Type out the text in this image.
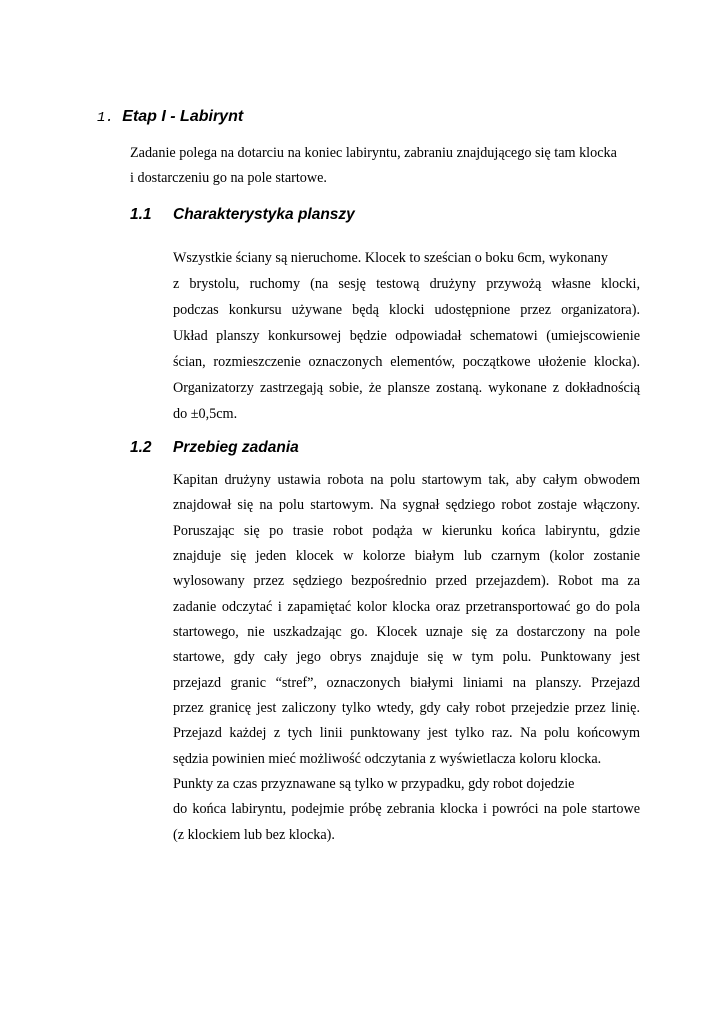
1. Etap I - Labirynt

Zadanie polega na dotarciu na koniec labiryntu, zabraniu znajdującego się tam klocka
i dostarczeniu go na pole startowe.

1.1 Charakterystyka planszy

Wszystkie ściany są nieruchome. Klocek to sześcian o boku 6cm, wykonany
z brystolu, ruchomy (na sesję testową drużyny przywożą własne klocki,
podczas konkursu używane będą klocki udostępnione przez organizatora).
Układ planszy konkursowej będzie odpowiadał schematowi (umiejscowienie
ścian, rozmieszczenie oznaczonych elementów, początkowe ułożenie klocka).
Organizatorzy zastrzegają sobie, że plansze zostaną. wykonane z dokładnością
do ±0,5cm.

1.2 Przebieg zadania

Kapitan drużyny ustawia robota na polu startowym tak, aby całym obwodem
znajdował się na polu startowym. Na sygnał sędziego robot zostaje włączony.
Poruszając się po trasie robot podąża w kierunku końca labiryntu, gdzie
znajduje się jeden klocek w kolorze białym lub czarnym (kolor zostanie
wylosowany przez sędziego bezpośrednio przed przejazdem). Robot ma za
zadanie odczytać i zapamiętać kolor klocka oraz przetransportować go do pola
startowego, nie uszkadzając go. Klocek uznaje się za dostarczony na pole
startowe, gdy cały jego obrys znajduje się w tym polu. Punktowany jest
przejazd granic “stref”, oznaczonych białymi liniami na planszy. Przejazd
przez granicę jest zaliczony tylko wtedy, gdy cały robot przejedzie przez linię.
Przejazd każdej z tych linii punktowany jest tylko raz. Na polu końcowym
sędzia powinien mieć możliwość odczytania z wyświetlacza koloru klocka.
Punkty za czas przyznawane są tylko w przypadku, gdy robot dojedzie
do końca labiryntu, podejmie próbę zebrania klocka i powróci na pole startowe
(z klockiem lub bez klocka).
